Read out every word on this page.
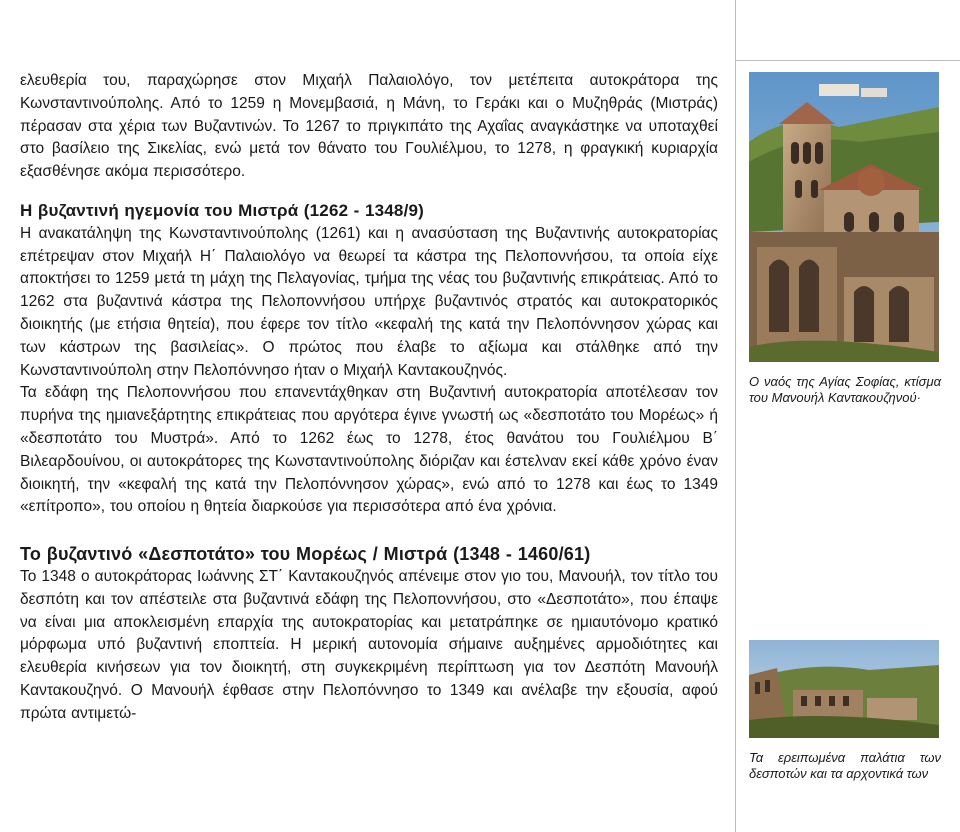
ελευθερία του, παραχώρησε στον Μιχαήλ Παλαιολόγο, τον μετέπειτα αυτοκράτορα της Κωνσταντινούπολης. Από το 1259 η Μονεμβασιά, η Μάνη, το Γεράκι και ο Μυζηθράς (Μιστράς) πέρασαν στα χέρια των Βυζαντινών. Το 1267 το πριγκιπάτο της Αχαΐας αναγκάστηκε να υποταχθεί στο βασίλειο της Σικελίας, ενώ μετά τον θάνατο του Γουλιέλμου, το 1278, η φραγκική κυριαρχία εξασθένησε ακόμα περισσότερο.

Η βυζαντινή ηγεμονία του Μιστρά (1262 - 1348/9)

Η ανακατάληψη της Κωνσταντινούπολης (1261) και η ανασύσταση της Βυζαντινής αυτοκρατορίας επέτρεψαν στον Μιχαήλ Η΄ Παλαιολόγο να θεωρεί τα κάστρα της Πελοποννήσου, τα οποία είχε αποκτήσει το 1259 μετά τη μάχη της Πελαγονίας, τμήμα της νέας του βυζαντινής επικράτειας. Από το 1262 στα βυζαντινά κάστρα της Πελοποννήσου υπήρχε βυζαντινός στρατός και αυτοκρατορικός διοικητής (με ετήσια θητεία), που έφερε τον τίτλο «κεφαλή της κατά την Πελοπόννησον χώρας και των κάστρων της βασιλείας». Ο πρώτος που έλαβε το αξίωμα και στάλθηκε από την Κωνσταντινούπολη στην Πελοπόννησο ήταν ο Μιχαήλ Καντακουζηνός.

Τα εδάφη της Πελοποννήσου που επανεντάχθηκαν στη Βυζαντινή αυτοκρατορία αποτέλεσαν τον πυρήνα της ημιανεξάρτητης επικράτειας που αργότερα έγινε γνωστή ως «δεσποτάτο του Μορέως» ή «δεσποτάτο του Μυστρά». Από το 1262 έως το 1278, έτος θανάτου του Γουλιέλμου Β΄ Βιλεαρδουίνου, οι αυτοκράτορες της Κωνσταντινούπολης διόριζαν και έστελναν εκεί κάθε χρόνο έναν διοικητή, την «κεφαλή της κατά την Πελοπόννησον χώρας», ενώ από το 1278 και έως το 1349 «επίτροπο», του οποίου η θητεία διαρκούσε για περισσότερα από ένα χρόνια.

Το βυζαντινό «Δεσποτάτο» του Μορέως / Μιστρά (1348 - 1460/61)

Το 1348 ο αυτοκράτορας Ιωάννης ΣΤ΄ Καντακουζηνός απένειμε στον γιο του, Μανουήλ, τον τίτλο του δεσπότη και τον απέστειλε στα βυζαντινά εδάφη της Πελοποννήσου, στο «Δεσποτάτο», που έπαψε να είναι μια αποκλεισμένη επαρχία της αυτοκρατορίας και μετατράπηκε σε ημιαυτόνομο κρατικό μόρφωμα υπό βυζαντινή εποπτεία. Η μερική αυτονομία σήμαινε αυξημένες αρμοδιότητες και ελευθερία κινήσεων για τον διοικητή, στη συγκεκριμένη περίπτωση για τον Δεσπότη Μανουήλ Καντακουζηνό. Ο Μανουήλ έφθασε στην Πελοπόννησο το 1349 και ανέλαβε την εξουσία, αφού πρώτα αντιμετώ-

Ο ναός της Αγίας Σοφίας, κτίσμα του Μανουήλ Καντακουζηνού·

Τα ερειπωμένα παλάτια των δεσποτών και τα αρχοντικά των
